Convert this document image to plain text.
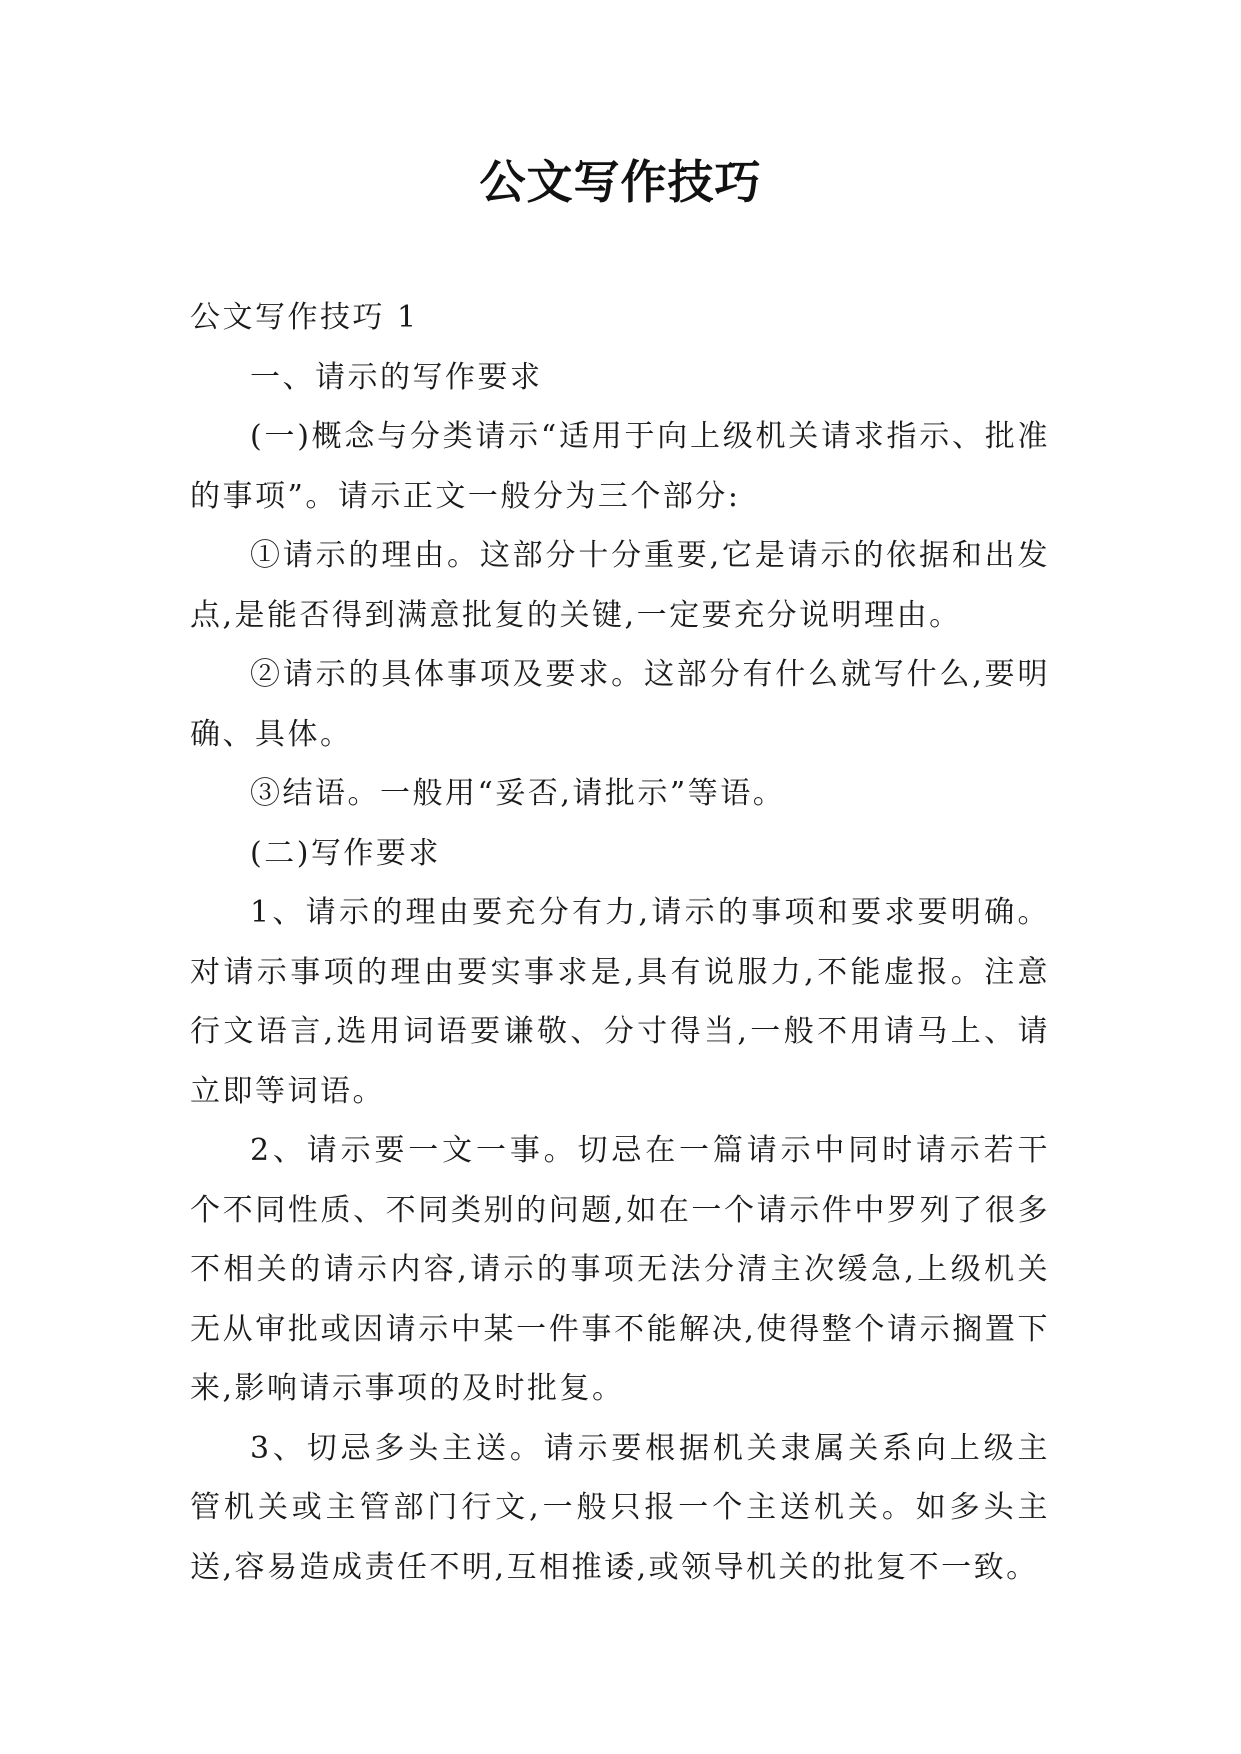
公文写作技巧

公文写作技巧 1

一、请示的写作要求

(一)概念与分类请示“适用于向上级机关请求指示、批准的事项”。请示正文一般分为三个部分:

①请示的理由。这部分十分重要,它是请示的依据和出发点,是能否得到满意批复的关键,一定要充分说明理由。

②请示的具体事项及要求。这部分有什么就写什么,要明确、具体。

③结语。一般用“妥否,请批示”等语。

(二)写作要求

1、请示的理由要充分有力,请示的事项和要求要明确。对请示事项的理由要实事求是,具有说服力,不能虚报。注意行文语言,选用词语要谦敬、分寸得当,一般不用请马上、请立即等词语。

2、请示要一文一事。切忌在一篇请示中同时请示若干个不同性质、不同类别的问题,如在一个请示件中罗列了很多不相关的请示内容,请示的事项无法分清主次缓急,上级机关无从审批或因请示中某一件事不能解决,使得整个请示搁置下来,影响请示事项的及时批复。

3、切忌多头主送。请示要根据机关隶属关系向上级主管机关或主管部门行文,一般只报一个主送机关。如多头主送,容易造成责任不明,互相推诿,或领导机关的批复不一致。
